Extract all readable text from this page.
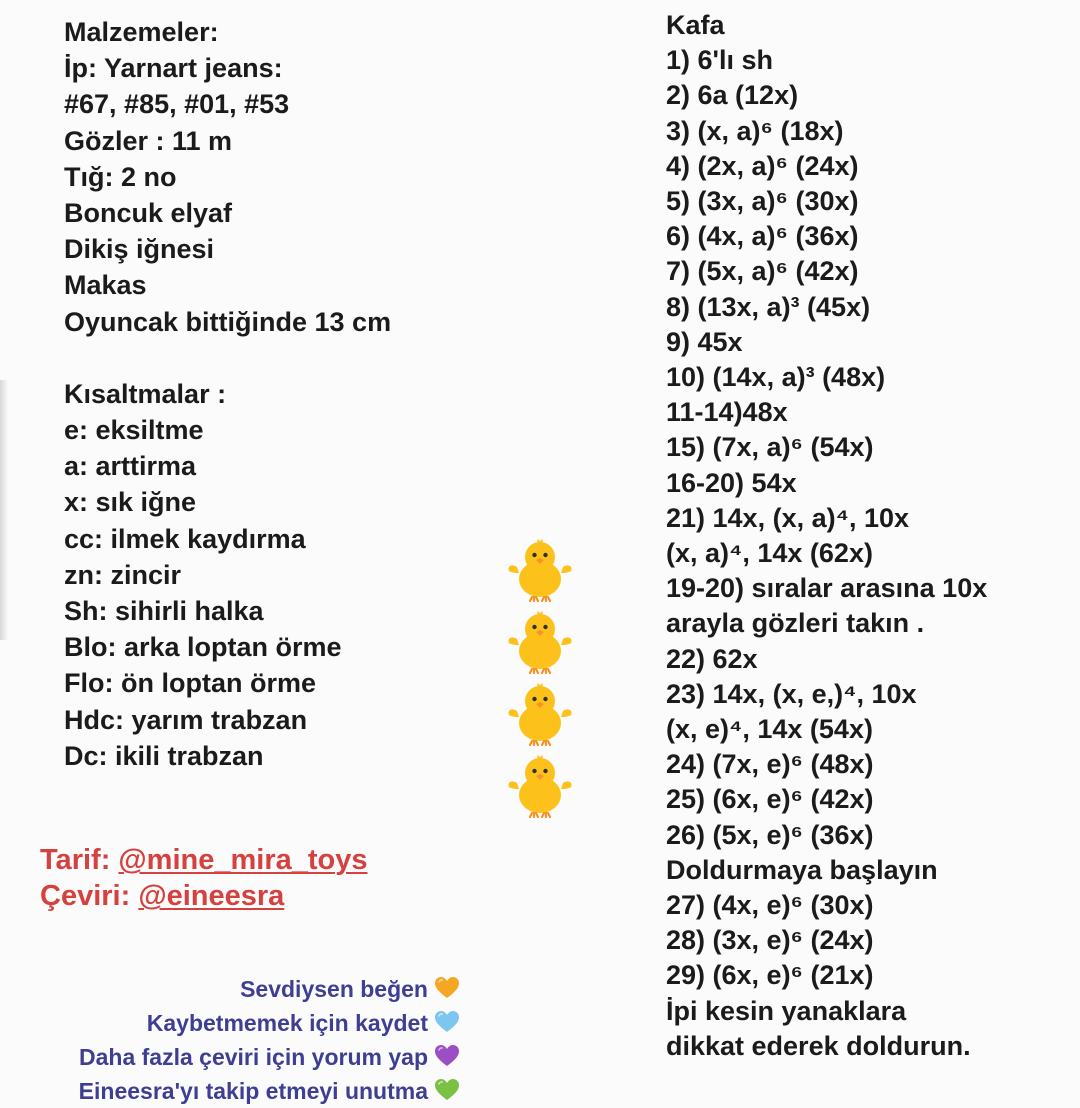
Malzemeler:
İp: Yarnart jeans:
#67, #85, #01, #53
Gözler : 11 m
Tığ: 2 no
Boncuk elyaf
Dikiş iğnesi
Makas
Oyuncak bittiğinde 13 cm
Kısaltmalar :
e: eksiltme
a: arttirma
x: sık iğne
cc: ilmek kaydırma
zn: zincir
Sh: sihirli halka
Blo: arka loptan örme
Flo: ön loptan örme
Hdc: yarım trabzan
Dc: ikili trabzan
Tarif: @mine_mira_toys
Çeviri: @eineesra
Sevdiysen beğen
Kaybetmemek için kaydet
Daha fazla çeviri için yorum yap
Eineesra'yı takip etmeyi unutma
Kafa
1) 6'lı sh
2) 6a (12x)
3) (x, a)⁶ (18x)
4) (2x, a)⁶ (24x)
5) (3x, a)⁶ (30x)
6) (4x, a)⁶ (36x)
7) (5x, a)⁶ (42x)
8) (13x, a)³ (45x)
9) 45x
10) (14x, a)³ (48x)
11-14)48x
15) (7x, a)⁶ (54x)
16-20) 54x
21) 14x, (x, a)⁴, 10x
(x, a)⁴, 14x (62x)
19-20) sıralar arasına 10x
arayla gözleri takın .
22) 62x
23) 14x, (x, e,)⁴, 10x
(x, e)⁴, 14x (54x)
24) (7x, e)⁶ (48x)
25) (6x, e)⁶ (42x)
26) (5x, e)⁶ (36x)
Doldurmaya başlayın
27) (4x, e)⁶ (30x)
28) (3x, e)⁶ (24x)
29) (6x, e)⁶ (21x)
İpi kesin yanaklara
dikkat ederek doldurun.
